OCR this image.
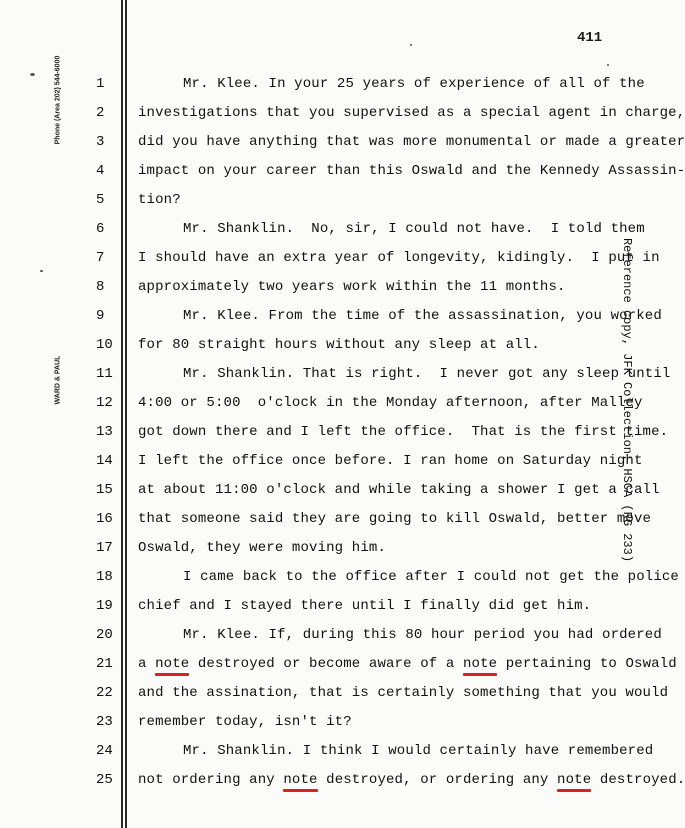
Phone (Area 202) 544-6000
WARD & PAUL	Reference copy, JFK Collection: HSCA (RG 233)
411
1	Mr. Klee. In your 25 years of experience of all of the
2	investigations that you supervised as a special agent in charge,
3	did you have anything that was more monumental or made a greater
4	impact on your career than this Oswald and the Kennedy Assassin-
5	tion?
6	Mr. Shanklin.  No, sir, I could not have.  I told them
7	I should have an extra year of longevity, kidingly.  I put in
8	approximately two years work within the 11 months.
9	Mr. Klee. From the time of the assassination, you worked
10	for 80 straight hours without any sleep at all.
11	Mr. Shanklin. That is right.  I never got any sleep until
12	4:00 or 5:00  o'clock in the Monday afternoon, after Malley
13	got down there and I left the office.  That is the first time.
14	I left the office once before. I ran home on Saturday night
15	at about 11:00 o'clock and while taking a shower I get a call
16	that someone said they are going to kill Oswald, better move
17	Oswald, they were moving him.
18	I came back to the office after I could not get the police
19	chief and I stayed there until I finally did get him.
20	Mr. Klee. If, during this 80 hour period you had ordered
21	a note destroyed or become aware of a note pertaining to Oswald
22	and the assination, that is certainly something that you would
23	remember today, isn't it?
24	Mr. Shanklin. I think I would certainly have remembered
25	not ordering any note destroyed, or ordering any note destroyed.
